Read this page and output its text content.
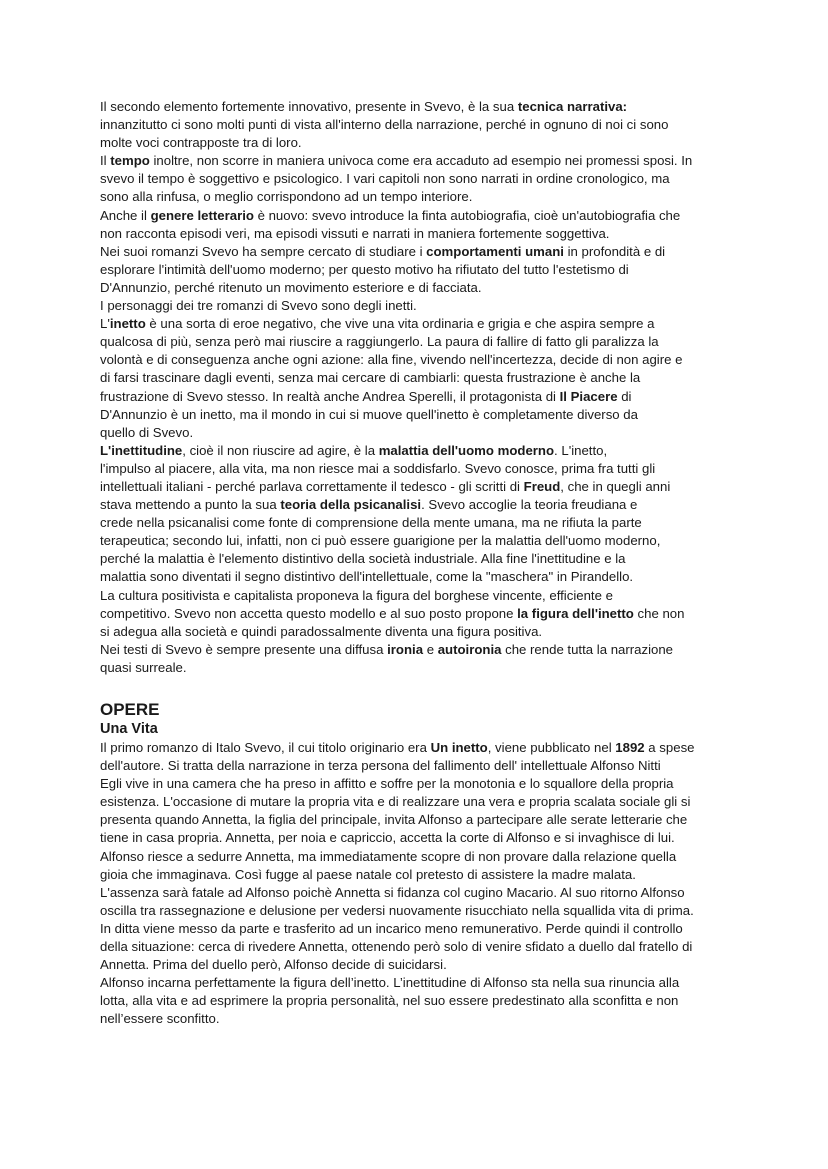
Il secondo elemento fortemente innovativo, presente in Svevo, è la sua tecnica narrativa:
innanzitutto ci sono molti punti di vista all'interno della narrazione, perché in ognuno di noi ci sono
molte voci contrapposte tra di loro.
Il tempo inoltre, non scorre in maniera univoca come era accaduto ad esempio nei promessi sposi. In
svevo il tempo è soggettivo e psicologico. I vari capitoli non sono narrati in ordine cronologico, ma
sono alla rinfusa, o meglio corrispondono ad un tempo interiore.
Anche il genere letterario è nuovo: svevo introduce la finta autobiografia, cioè un'autobiografia che
non racconta episodi veri, ma episodi vissuti e narrati in maniera fortemente soggettiva.
Nei suoi romanzi Svevo ha sempre cercato di studiare i comportamenti umani in profondità e di
esplorare l'intimità dell'uomo moderno; per questo motivo ha rifiutato del tutto l'estetismo di
D'Annunzio, perché ritenuto un movimento esteriore e di facciata.
I personaggi dei tre romanzi di Svevo sono degli inetti.
L'inetto è una sorta di eroe negativo, che vive una vita ordinaria e grigia e che aspira sempre a
qualcosa di più, senza però mai riuscire a raggiungerlo. La paura di fallire di fatto gli paralizza la
volontà e di conseguenza anche ogni azione: alla fine, vivendo nell'incertezza, decide di non agire e
di farsi trascinare dagli eventi, senza mai cercare di cambiarli: questa frustrazione è anche la
frustrazione di Svevo stesso. In realtà anche Andrea Sperelli, il protagonista di Il Piacere di
D'Annunzio è un inetto, ma il mondo in cui si muove quell'inetto è completamente diverso da
quello di Svevo.
L'inettitudine, cioè il non riuscire ad agire, è la malattia dell'uomo moderno. L'inetto,
l'impulso al piacere, alla vita, ma non riesce mai a soddisfarlo. Svevo conosce, prima fra tutti gli
intellettuali italiani - perché parlava correttamente il tedesco - gli scritti di Freud, che in quegli anni
stava mettendo a punto la sua teoria della psicanalisi. Svevo accoglie la teoria freudiana e
crede nella psicanalisi come fonte di comprensione della mente umana, ma ne rifiuta la parte
terapeutica; secondo lui, infatti, non ci può essere guarigione per la malattia dell'uomo moderno,
perché la malattia è l'elemento distintivo della società industriale. Alla fine l'inettitudine e la
malattia sono diventati il segno distintivo dell'intellettuale, come la "maschera" in Pirandello.
La cultura positivista e capitalista proponeva la figura del borghese vincente, efficiente e
competitivo. Svevo non accetta questo modello e al suo posto propone la figura dell'inetto che non
si adegua alla società e quindi paradossalmente diventa una figura positiva.
Nei testi di Svevo è sempre presente una diffusa ironia e autoironia che rende tutta la narrazione
quasi surreale.
OPERE
Una Vita
Il primo romanzo di Italo Svevo, il cui titolo originario era Un inetto, viene pubblicato nel 1892 a spese
dell'autore. Si tratta della narrazione in terza persona del fallimento dell' intellettuale Alfonso Nitti
Egli vive in una camera che ha preso in affitto e soffre per la monotonia e lo squallore della propria
esistenza. L'occasione di mutare la propria vita e di realizzare una vera e propria scalata sociale gli si
presenta quando Annetta, la figlia del principale, invita Alfonso a partecipare alle serate letterarie che
tiene in casa propria. Annetta, per noia e capriccio, accetta la corte di Alfonso e si invaghisce di lui.
Alfonso riesce a sedurre Annetta, ma immediatamente scopre di non provare dalla relazione quella
gioia che immaginava. Così fugge al paese natale col pretesto di assistere la madre malata.
L'assenza sarà fatale ad Alfonso poichè Annetta si fidanza col cugino Macario. Al suo ritorno Alfonso
oscilla tra rassegnazione e delusione per vedersi nuovamente risucchiato nella squallida vita di prima.
In ditta viene messo da parte e trasferito ad un incarico meno remunerativo. Perde quindi il controllo
della situazione: cerca di rivedere Annetta, ottenendo però solo di venire sfidato a duello dal fratello di
Annetta. Prima del duello però, Alfonso decide di suicidarsi.
Alfonso incarna perfettamente la figura dell’inetto. L’inettitudine di Alfonso sta nella sua rinuncia alla
lotta, alla vita e ad esprimere la propria personalità, nel suo essere predestinato alla sconfitta e non
nell’essere sconfitto.
